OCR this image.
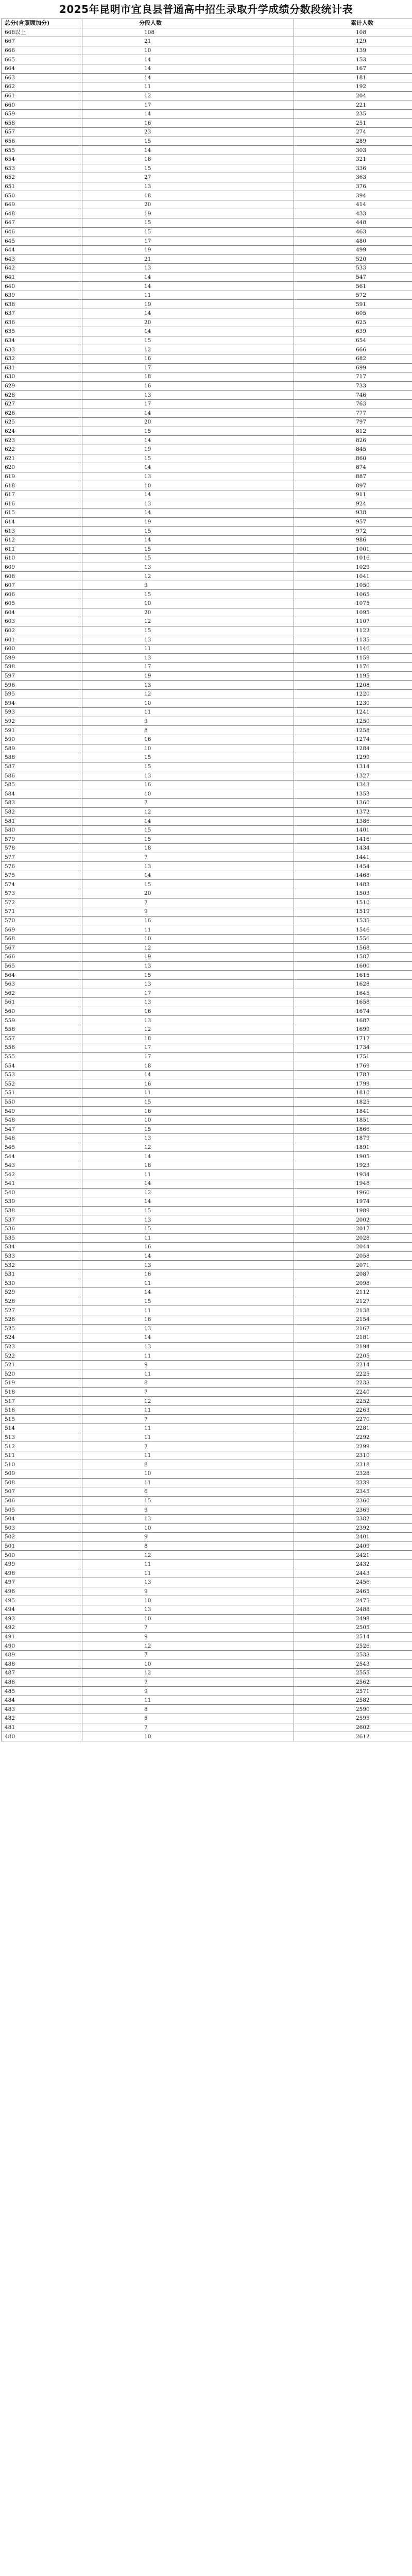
2025年昆明市宜良县普通高中招生录取升学成绩分数段统计表
总分(含照顾加分)	分段人数	累计人数
668以上	108	108
667	21	129
666	10	139
665	14	153
664	14	167
663	14	181
662	11	192
661	12	204
660	17	221
659	14	235
658	16	251
657	23	274
656	15	289
655	14	303
654	18	321
653	15	336
652	27	363
651	13	376
650	18	394
649	20	414
648	19	433
647	15	448
646	15	463
645	17	480
644	19	499
643	21	520
642	13	533
641	14	547
640	14	561
639	11	572
638	19	591
637	14	605
636	20	625
635	14	639
634	15	654
633	12	666
632	16	682
631	17	699
630	18	717
629	16	733
628	13	746
627	17	763
626	14	777
625	20	797
624	15	812
623	14	826
622	19	845
621	15	860
620	14	874
619	13	887
618	10	897
617	14	911
616	13	924
615	14	938
614	19	957
613	15	972
612	14	986
611	15	1001
610	15	1016
609	13	1029
608	12	1041
607	9	1050
606	15	1065
605	10	1075
604	20	1095
603	12	1107
602	15	1122
601	13	1135
600	11	1146
599	13	1159
598	17	1176
597	19	1195
596	13	1208
595	12	1220
594	10	1230
593	11	1241
592	9	1250
591	8	1258
590	16	1274
589	10	1284
588	15	1299
587	15	1314
586	13	1327
585	16	1343
584	10	1353
583	7	1360
582	12	1372
581	14	1386
580	15	1401
579	15	1416
578	18	1434
577	7	1441
576	13	1454
575	14	1468
574	15	1483
573	20	1503
572	7	1510
571	9	1519
570	16	1535
569	11	1546
568	10	1556
567	12	1568
566	19	1587
565	13	1600
564	15	1615
563	13	1628
562	17	1645
561	13	1658
560	16	1674
559	13	1687
558	12	1699
557	18	1717
556	17	1734
555	17	1751
554	18	1769
553	14	1783
552	16	1799
551	11	1810
550	15	1825
549	16	1841
548	10	1851
547	15	1866
546	13	1879
545	12	1891
544	14	1905
543	18	1923
542	11	1934
541	14	1948
540	12	1960
539	14	1974
538	15	1989
537	13	2002
536	15	2017
535	11	2028
534	16	2044
533	14	2058
532	13	2071
531	16	2087
530	11	2098
529	14	2112
528	15	2127
527	11	2138
526	16	2154
525	13	2167
524	14	2181
523	13	2194
522	11	2205
521	9	2214
520	11	2225
519	8	2233
518	7	2240
517	12	2252
516	11	2263
515	7	2270
514	11	2281
513	11	2292
512	7	2299
511	11	2310
510	8	2318
509	10	2328
508	11	2339
507	6	2345
506	15	2360
505	9	2369
504	13	2382
503	10	2392
502	9	2401
501	8	2409
500	12	2421
499	11	2432
498	11	2443
497	13	2456
496	9	2465
495	10	2475
494	13	2488
493	10	2498
492	7	2505
491	9	2514
490	12	2526
489	7	2533
488	10	2543
487	12	2555
486	7	2562
485	9	2571
484	11	2582
483	8	2590
482	5	2595
481	7	2602
480	10	2612
